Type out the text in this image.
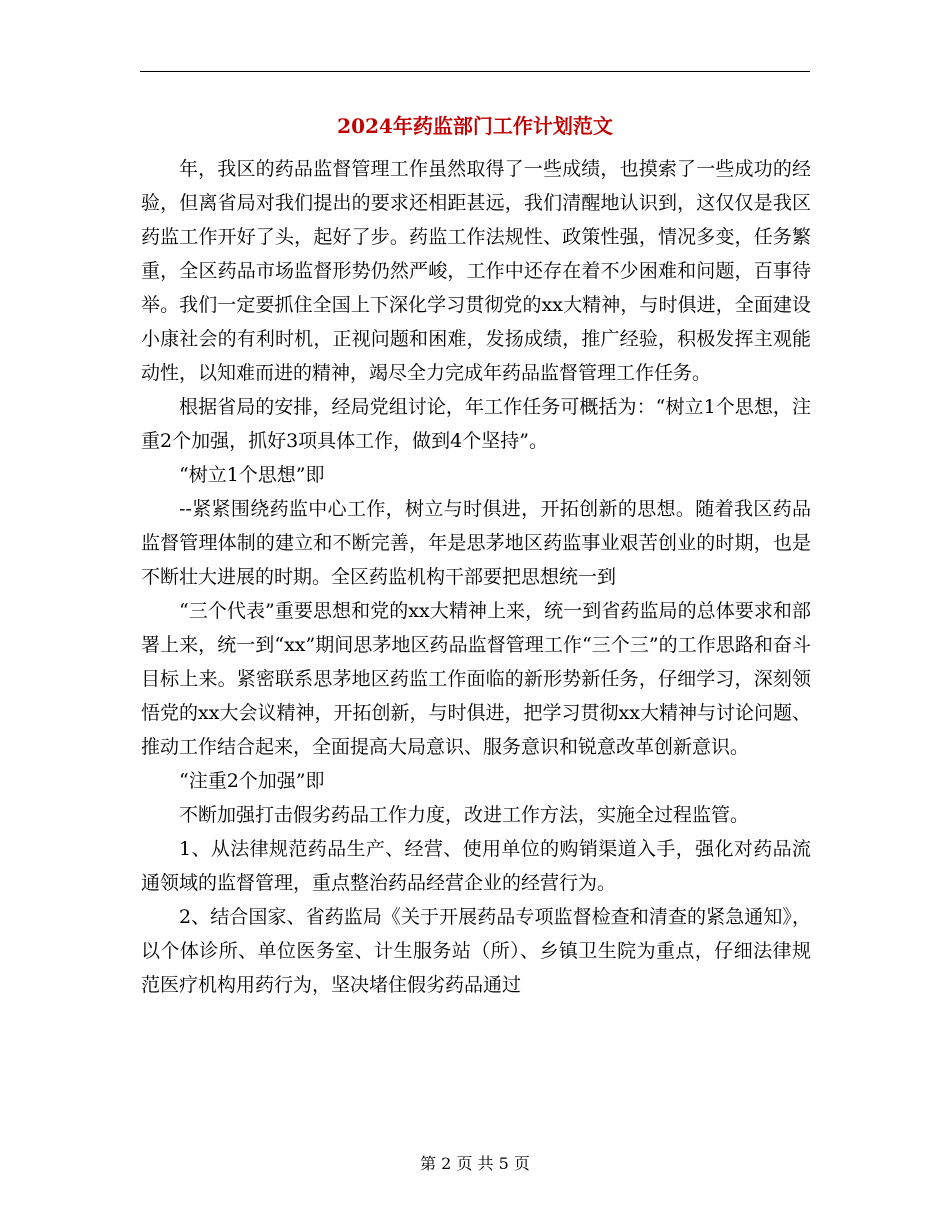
2024年药监部门工作计划范文

年，我区的药品监督管理工作虽然取得了一些成绩，也摸索了一些成功的经验，但离省局对我们提出的要求还相距甚远，我们清醒地认识到，这仅仅是我区药监工作开好了头，起好了步。药监工作法规性、政策性强，情况多变，任务繁重，全区药品市场监督形势仍然严峻，工作中还存在着不少困难和问题，百事待举。我们一定要抓住全国上下深化学习贯彻党的xx大精神，与时俱进，全面建设小康社会的有利时机，正视问题和困难，发扬成绩，推广经验，积极发挥主观能动性，以知难而进的精神，竭尽全力完成年药品监督管理工作任务。

根据省局的安排，经局党组讨论，年工作任务可概括为：“树立1个思想，注重2个加强，抓好3项具体工作，做到4个坚持”。

“树立1个思想”即

--紧紧围绕药监中心工作，树立与时俱进，开拓创新的思想。随着我区药品监督管理体制的建立和不断完善，年是思茅地区药监事业艰苦创业的时期，也是不断壮大进展的时期。全区药监机构干部要把思想统一到

“三个代表”重要思想和党的xx大精神上来，统一到省药监局的总体要求和部署上来，统一到“xx”期间思茅地区药品监督管理工作“三个三”的工作思路和奋斗目标上来。紧密联系思茅地区药监工作面临的新形势新任务，仔细学习，深刻领悟党的xx大会议精神，开拓创新，与时俱进，把学习贯彻xx大精神与讨论问题、推动工作结合起来，全面提高大局意识、服务意识和锐意改革创新意识。

“注重2个加强”即

不断加强打击假劣药品工作力度，改进工作方法，实施全过程监管。

1、从法律规范药品生产、经营、使用单位的购销渠道入手，强化对药品流通领域的监督管理，重点整治药品经营企业的经营行为。

2、结合国家、省药监局《关于开展药品专项监督检查和清查的紧急通知》，以个体诊所、单位医务室、计生服务站（所）、乡镇卫生院为重点，仔细法律规范医疗机构用药行为，坚决堵住假劣药品通过

第 2 页 共 5 页
